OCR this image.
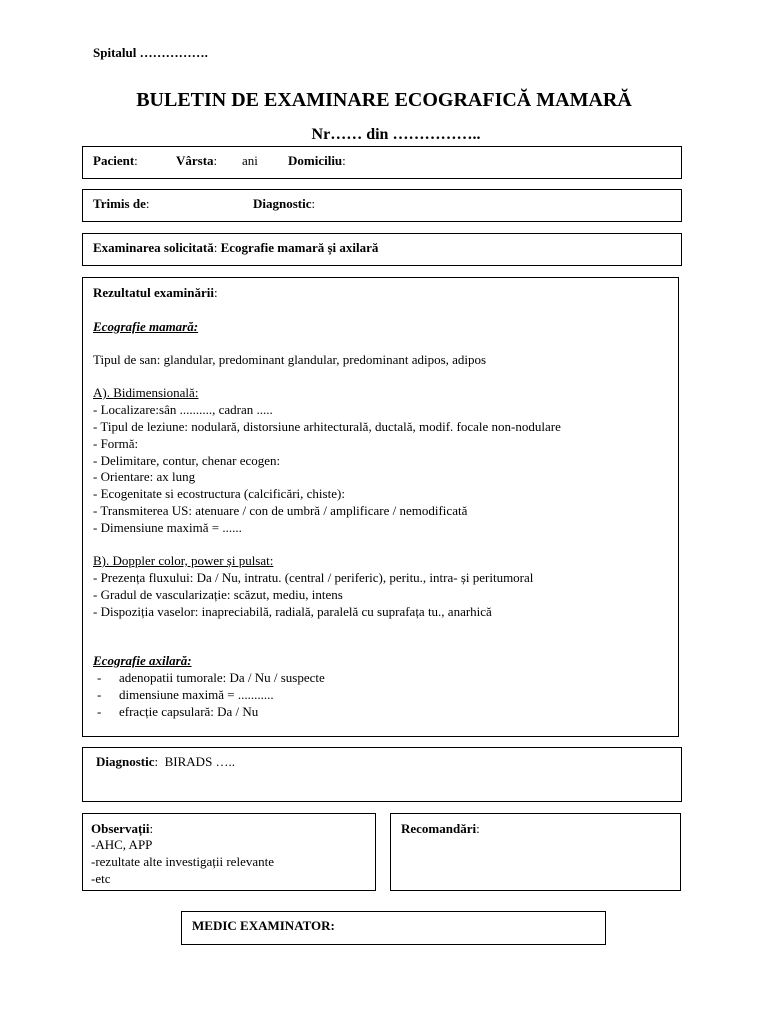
Spitalul …………….
BULETIN DE EXAMINARE ECOGRAFICĂ MAMARĂ
Nr…… din ……………..
Pacient:	Vârsta: ani Domiciliu:
Trimis de:	Diagnostic:
Examinarea solicitată: Ecografie mamară și axilară
Rezultatul examinării:
Ecografie mamară:
Tipul de san: glandular, predominant glandular, predominant adipos, adipos
A). Bidimensională:
- Localizare:sân .........., cadran .....
- Tipul de leziune: nodulară, distorsiune arhitecturală, ductală, modif. focale non-nodulare
- Formă:
- Delimitare, contur, chenar ecogen:
- Orientare: ax lung
- Ecogenitate si ecostructura (calcificări, chiste):
- Transmiterea US: atenuare / con de umbră / amplificare / nemodificată
- Dimensiune maximă = ......
B). Doppler color, power și pulsat:
- Prezența fluxului: Da / Nu, intratu. (central / periferic), peritu., intra- și peritumoral
- Gradul de vascularizație: scăzut, mediu, intens
- Dispoziția vaselor: inapreciabilă, radială, paralelă cu suprafața tu., anarhică
Ecografie axilară:
- adenopatii tumorale: Da / Nu / suspecte
- dimensiune maximă = ...........
- efracție capsulară: Da / Nu
Diagnostic: BIRADS …..
Observații:
-AHC, APP
-rezultate alte investigații relevante
-etc
Recomandări:
MEDIC EXAMINATOR:
